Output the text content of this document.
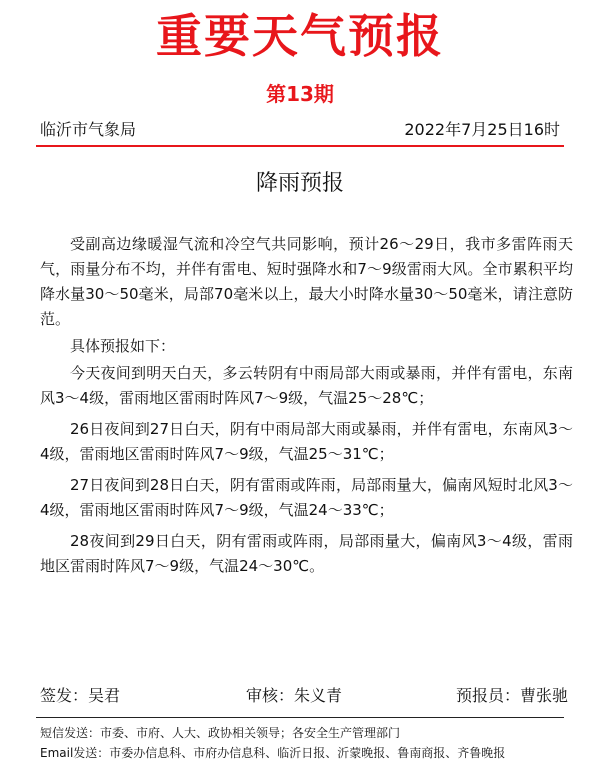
重要天气预报
第13期
临沂市气象局	2022年7月25日16时
降雨预报

受副高边缘暖湿气流和冷空气共同影响，预计26～29日，我市多雷阵雨天气，雨量分布不均，并伴有雷电、短时强降水和7～9级雷雨大风。全市累积平均降水量30～50毫米，局部70毫米以上，最大小时降水量30～50毫米，请注意防范。

具体预报如下：

今天夜间到明天白天，多云转阴有中雨局部大雨或暴雨，并伴有雷电，东南风3～4级，雷雨地区雷雨时阵风7～9级，气温25～28℃；

26日夜间到27日白天，阴有中雨局部大雨或暴雨，并伴有雷电，东南风3～4级，雷雨地区雷雨时阵风7～9级，气温25～31℃；

27日夜间到28日白天，阴有雷雨或阵雨，局部雨量大，偏南风短时北风3～4级，雷雨地区雷雨时阵风7～9级，气温24～33℃；

28夜间到29日白天，阴有雷雨或阵雨，局部雨量大，偏南风3～4级，雷雨地区雷雨时阵风7～9级，气温24～30℃。

签发：吴君	审核：朱义青	预报员：曹张驰
短信发送：市委、市府、人大、政协相关领导；各安全生产管理部门
Email发送：市委办信息科、市府办信息科、临沂日报、沂蒙晚报、鲁南商报、齐鲁晚报
